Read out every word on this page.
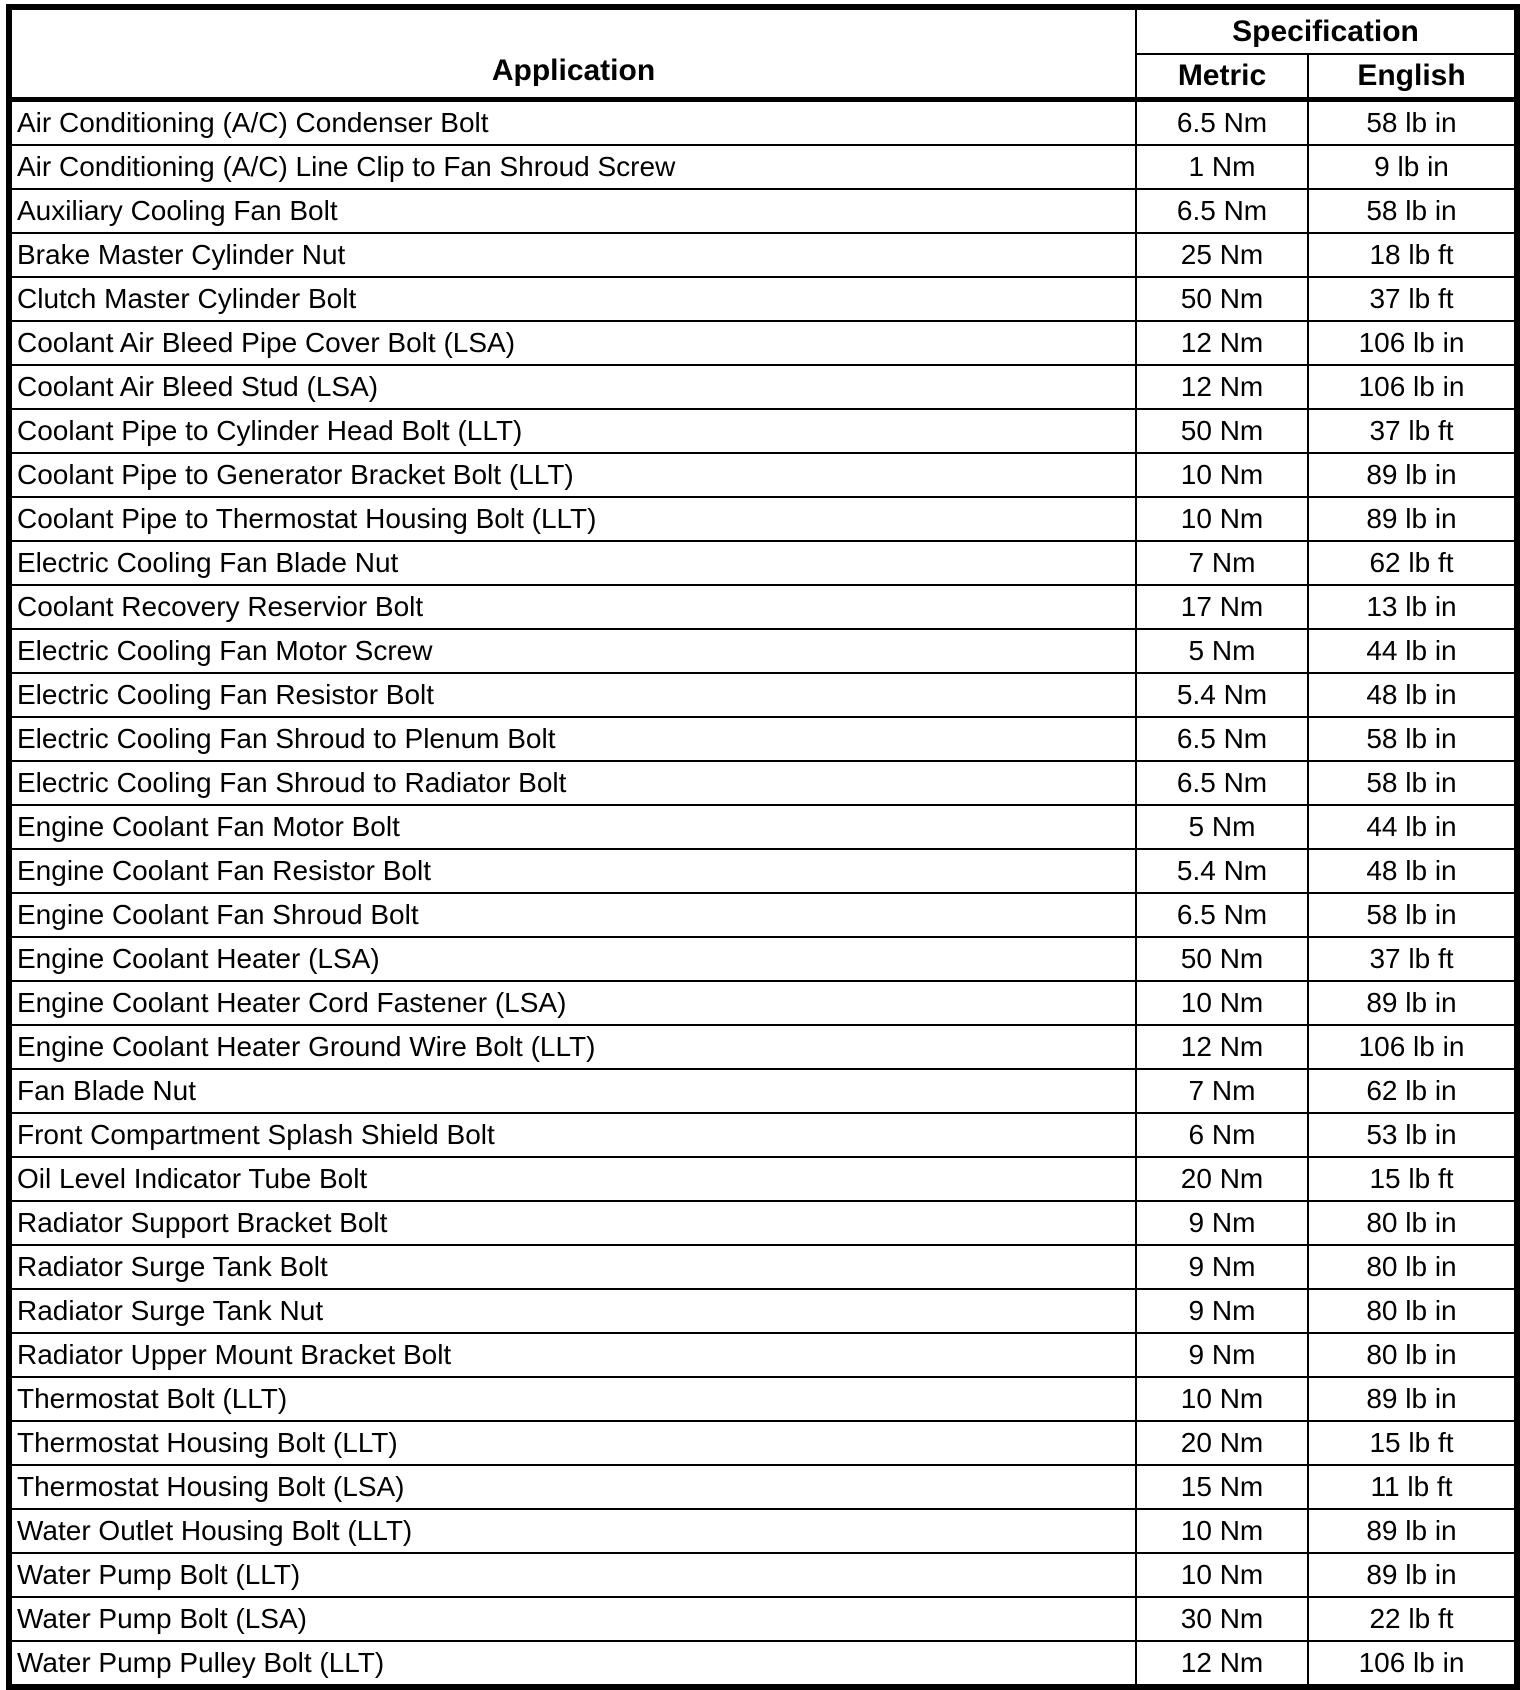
Application	Specification	
	Metric	English
Air Conditioning (A/C) Condenser Bolt	6.5 Nm	58 lb in
Air Conditioning (A/C) Line Clip to Fan Shroud Screw	1 Nm	9 lb in
Auxiliary Cooling Fan Bolt	6.5 Nm	58 lb in
Brake Master Cylinder Nut	25 Nm	18 lb ft
Clutch Master Cylinder Bolt	50 Nm	37 lb ft
Coolant Air Bleed Pipe Cover Bolt (LSA)	12 Nm	106 lb in
Coolant Air Bleed Stud (LSA)	12 Nm	106 lb in
Coolant Pipe to Cylinder Head Bolt (LLT)	50 Nm	37 lb ft
Coolant Pipe to Generator Bracket Bolt (LLT)	10 Nm	89 lb in
Coolant Pipe to Thermostat Housing Bolt (LLT)	10 Nm	89 lb in
Electric Cooling Fan Blade Nut	7 Nm	62 lb ft
Coolant Recovery Reservior Bolt	17 Nm	13 lb in
Electric Cooling Fan Motor Screw	5 Nm	44 lb in
Electric Cooling Fan Resistor Bolt	5.4 Nm	48 lb in
Electric Cooling Fan Shroud to Plenum Bolt	6.5 Nm	58 lb in
Electric Cooling Fan Shroud to Radiator Bolt	6.5 Nm	58 lb in
Engine Coolant Fan Motor Bolt	5 Nm	44 lb in
Engine Coolant Fan Resistor Bolt	5.4 Nm	48 lb in
Engine Coolant Fan Shroud Bolt	6.5 Nm	58 lb in
Engine Coolant Heater (LSA)	50 Nm	37 lb ft
Engine Coolant Heater Cord Fastener (LSA)	10 Nm	89 lb in
Engine Coolant Heater Ground Wire Bolt (LLT)	12 Nm	106 lb in
Fan Blade Nut	7 Nm	62 lb in
Front Compartment Splash Shield Bolt	6 Nm	53 lb in
Oil Level Indicator Tube Bolt	20 Nm	15 lb ft
Radiator Support Bracket Bolt	9 Nm	80 lb in
Radiator Surge Tank Bolt	9 Nm	80 lb in
Radiator Surge Tank Nut	9 Nm	80 lb in
Radiator Upper Mount Bracket Bolt	9 Nm	80 lb in
Thermostat Bolt (LLT)	10 Nm	89 lb in
Thermostat Housing Bolt (LLT)	20 Nm	15 lb ft
Thermostat Housing Bolt (LSA)	15 Nm	11 lb ft
Water Outlet Housing Bolt (LLT)	10 Nm	89 lb in
Water Pump Bolt (LLT)	10 Nm	89 lb in
Water Pump Bolt (LSA)	30 Nm	22 lb ft
Water Pump Pulley Bolt (LLT)	12 Nm	106 lb in
